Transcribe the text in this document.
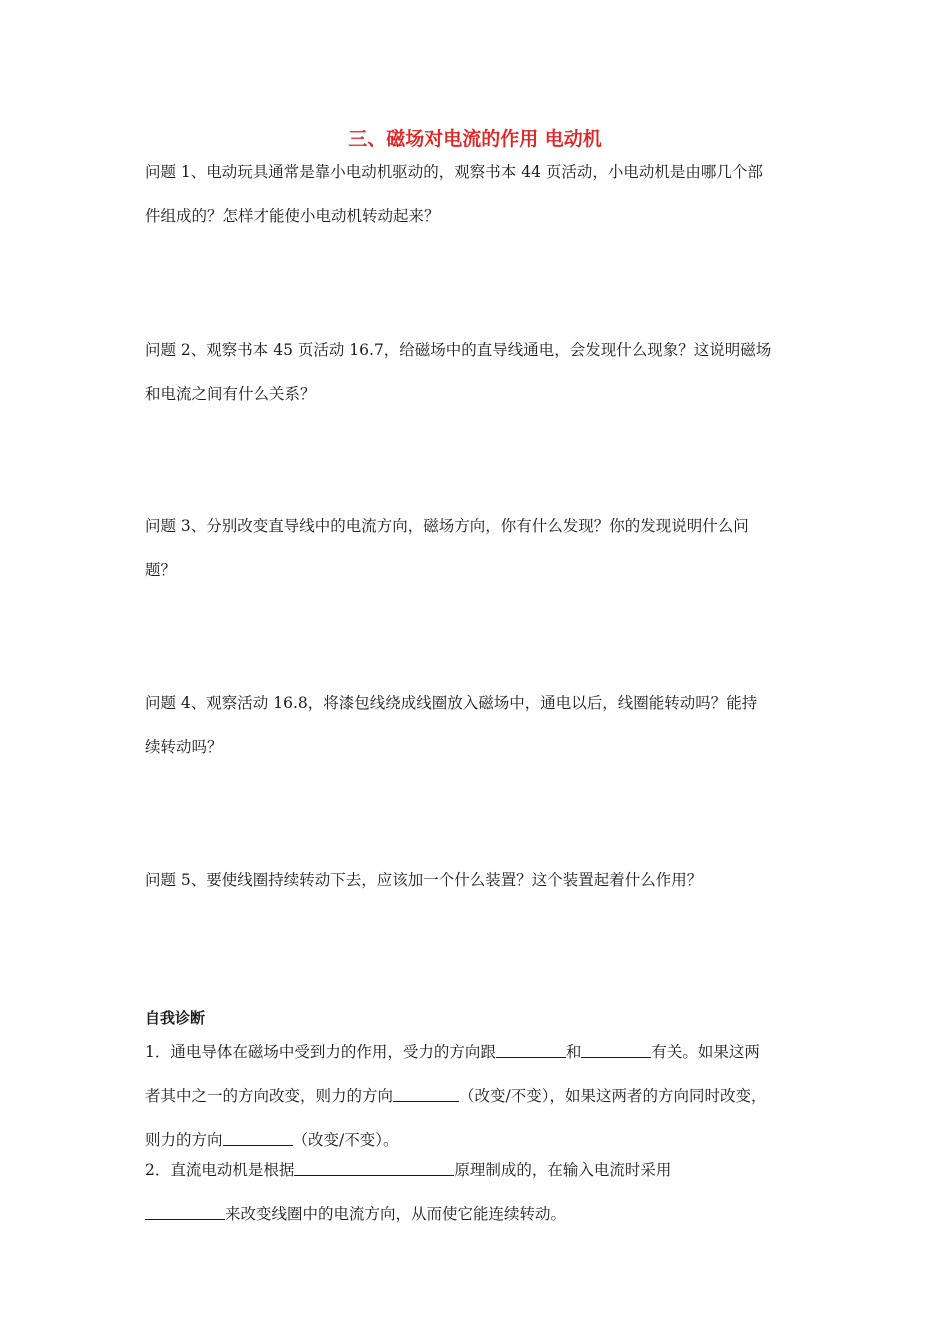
三、磁场对电流的作用 电动机

问题 1、电动玩具通常是靠小电动机驱动的，观察书本 44 页活动，小电动机是由哪几个部
件组成的？怎样才能使小电动机转动起来？

问题 2、观察书本 45 页活动 16.7，给磁场中的直导线通电，会发现什么现象？这说明磁场
和电流之间有什么关系？

问题 3、分别改变直导线中的电流方向，磁场方向，你有什么发现？你的发现说明什么问
题？

问题 4、观察活动 16.8，将漆包线绕成线圈放入磁场中，通电以后，线圈能转动吗？能持
续转动吗？

问题 5、要使线圈持续转动下去，应该加一个什么装置？这个装置起着什么作用？

自我诊断

1．通电导体在磁场中受到力的作用，受力的方向跟	和	有关。如果这两
者其中之一的方向改变，则力的方向	（改变/不变），如果这两者的方向同时改变，
则力的方向	（改变/不变）。

2．直流电动机是根据	原理制成的，在输入电流时采用
来改变线圈中的电流方向，从而使它能连续转动。
